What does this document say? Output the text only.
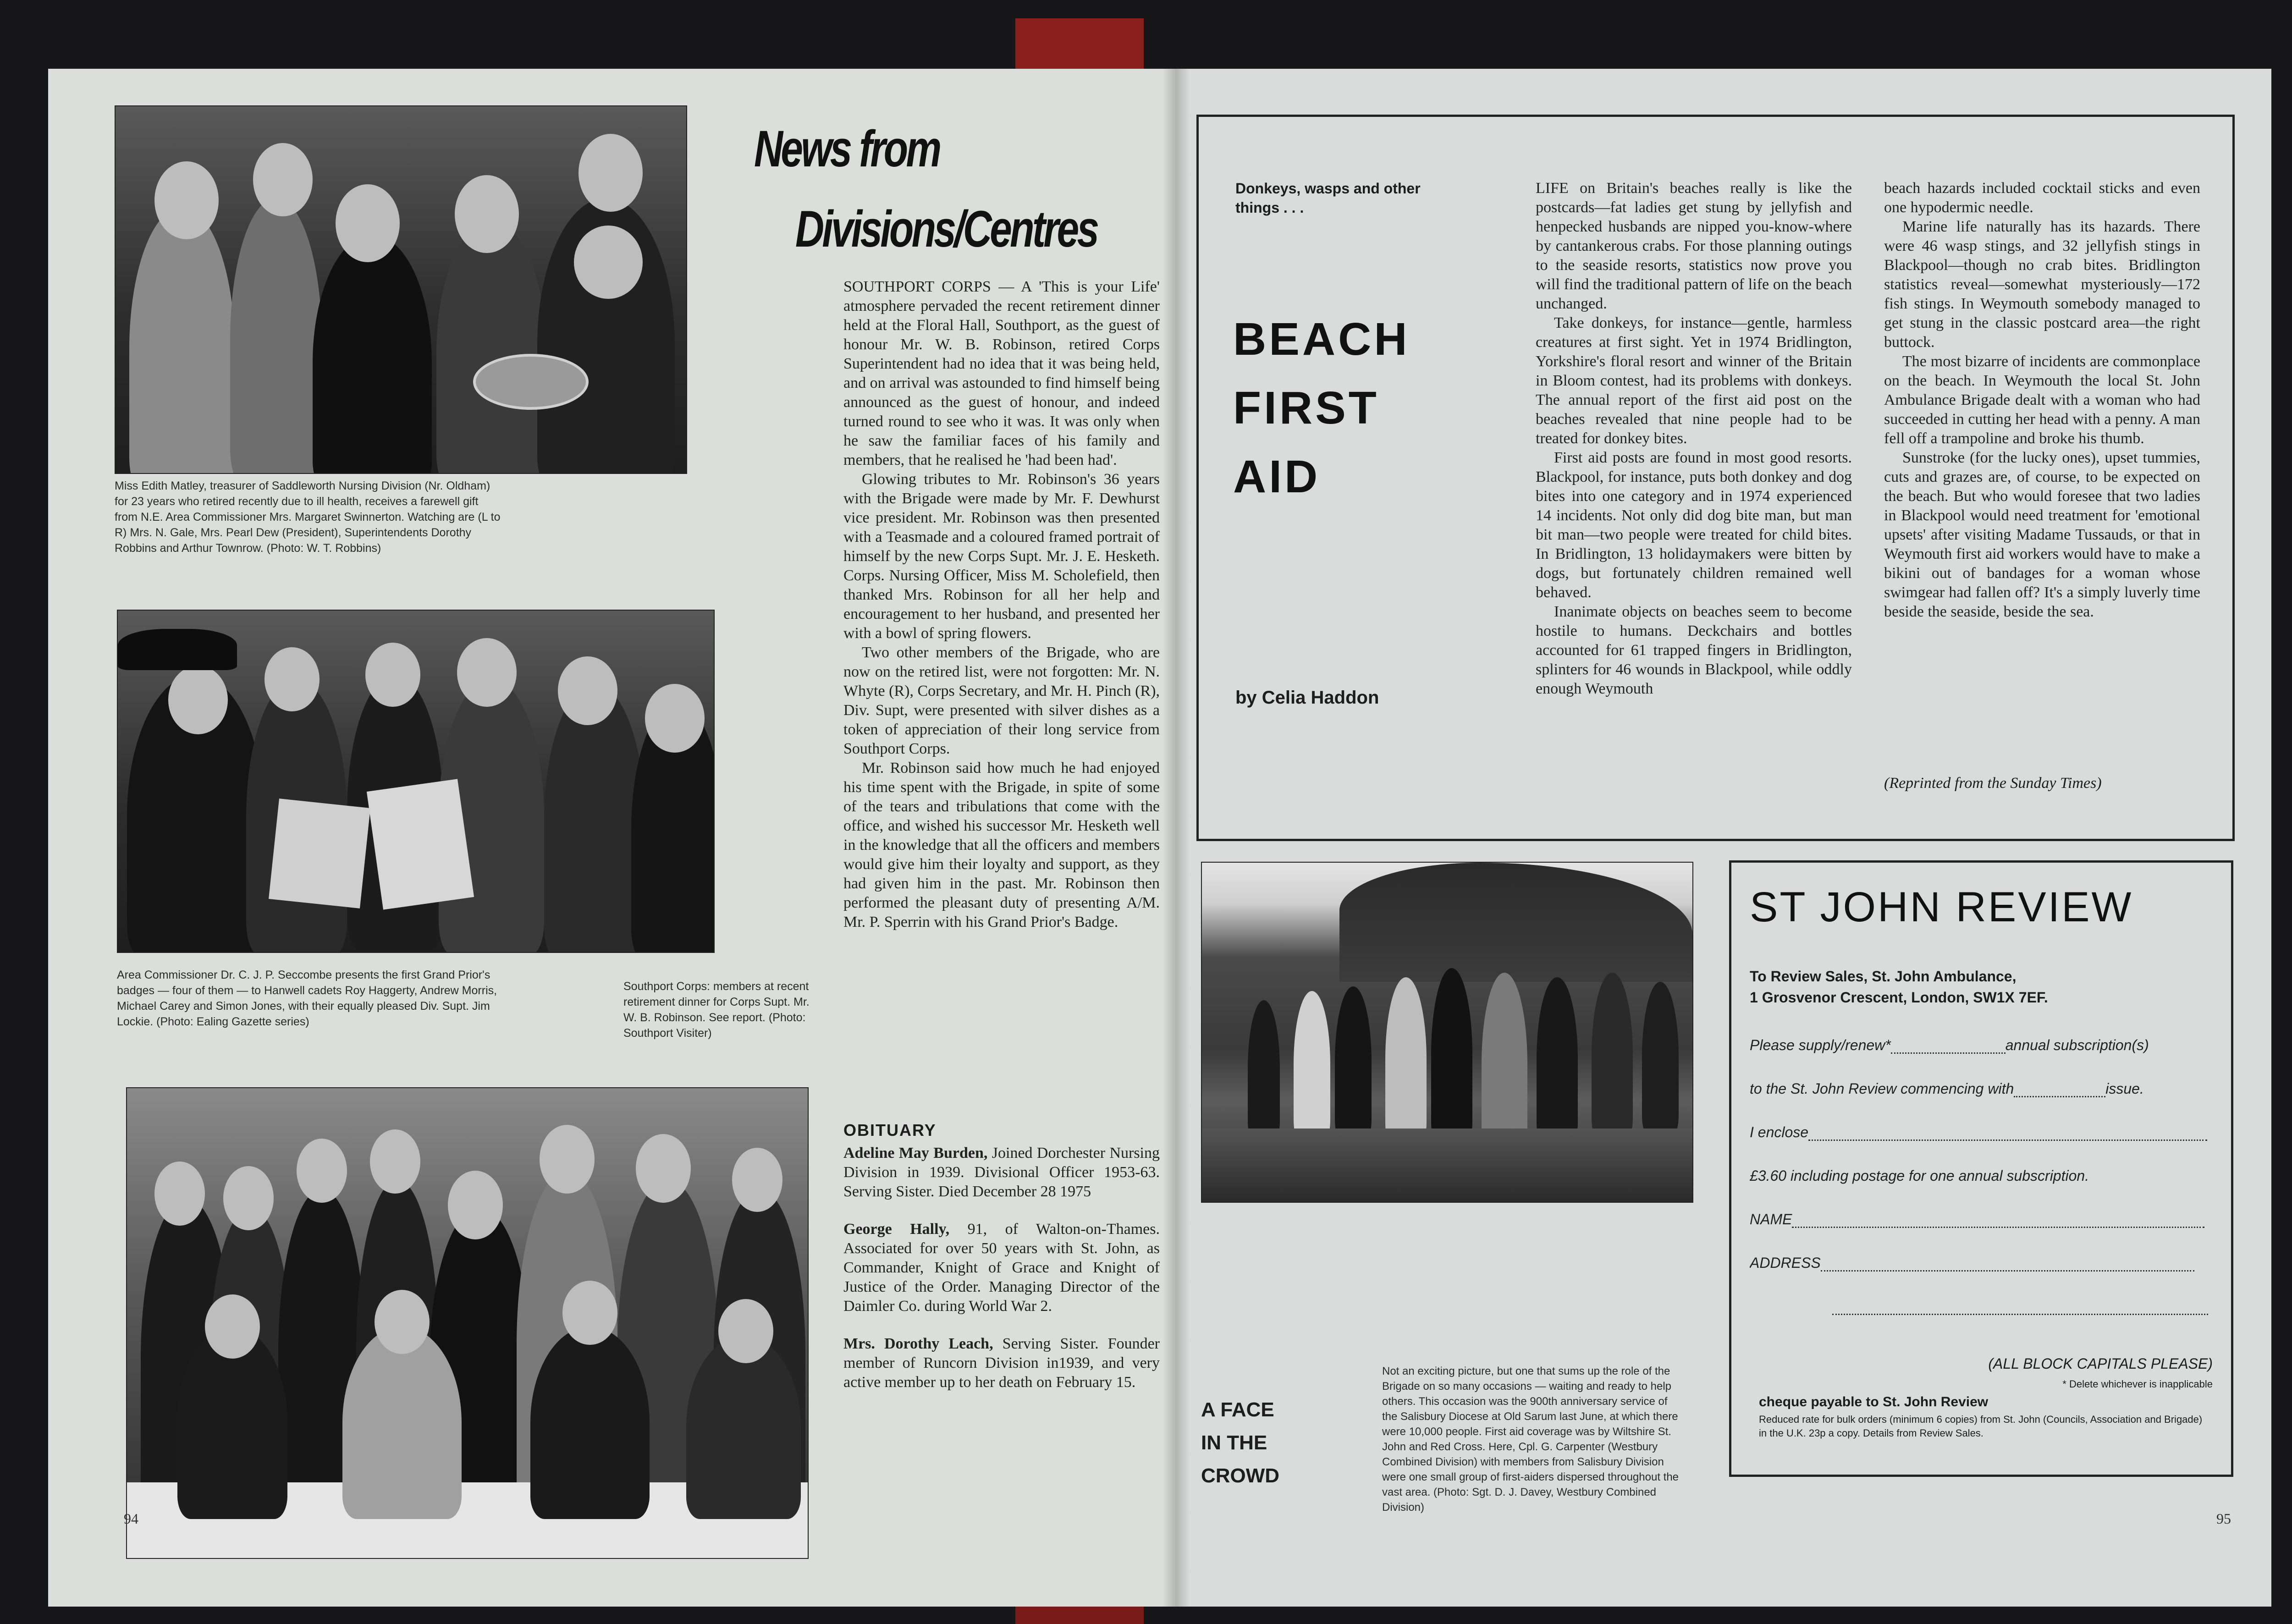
Miss Edith Matley, treasurer of Saddleworth Nursing Division (Nr. Oldham) for 23 years who retired recently due to ill health, receives a farewell gift from N.E. Area Commissioner Mrs. Margaret Swinnerton. Watching are (L to R) Mrs. N. Gale, Mrs. Pearl Dew (President), Superintendents Dorothy Robbins and Arthur Townrow. (Photo: W. T. Robbins)
Area Commissioner Dr. C. J. P. Seccombe presents the first Grand Prior's badges — four of them — to Hanwell cadets Roy Haggerty, Andrew Morris, Michael Carey and Simon Jones, with their equally pleased Div. Supt. Jim Lockie. (Photo: Ealing Gazette series)
Southport Corps: members at recent retirement dinner for Corps Supt. Mr. W. B. Robinson. See report. (Photo: Southport Visiter)
News from
Divisions/Centres

SOUTHPORT CORPS — A 'This is your Life' atmosphere pervaded the recent retirement dinner held at the Floral Hall, Southport, as the guest of honour Mr. W. B. Robinson, retired Corps Superintendent had no idea that it was being held, and on arrival was astounded to find himself being announced as the guest of honour, and indeed turned round to see who it was. It was only when he saw the familiar faces of his family and members, that he realised he 'had been had'.

Glowing tributes to Mr. Robinson's 36 years with the Brigade were made by Mr. F. Dewhurst vice president. Mr. Robinson was then presented with a Teasmade and a coloured framed portrait of himself by the new Corps Supt. Mr. J. E. Hesketh. Corps. Nursing Officer, Miss M. Scholefield, then thanked Mrs. Robinson for all her help and encouragement to her husband, and presented her with a bowl of spring flowers.

Two other members of the Brigade, who are now on the retired list, were not forgotten: Mr. N. Whyte (R), Corps Secretary, and Mr. H. Pinch (R), Div. Supt, were presented with silver dishes as a token of appreciation of their long service from Southport Corps.

Mr. Robinson said how much he had enjoyed his time spent with the Brigade, in spite of some of the tears and tribulations that come with the office, and wished his successor Mr. Hesketh well in the knowledge that all the officers and members would give him their loyalty and support, as they had given him in the past. Mr. Robinson then performed the pleasant duty of presenting A/M. Mr. P. Sperrin with his Grand Prior's Badge.

OBITUARY

Adeline May Burden, Joined Dorchester Nursing Division in 1939. Divisional Officer 1953-63. Serving Sister. Died December 28 1975

George Hally, 91, of Walton-on-Thames. Associated for over 50 years with St. John, as Commander, Knight of Grace and Knight of Justice of the Order. Managing Director of the Daimler Co. during World War 2.

Mrs. Dorothy Leach, Serving Sister. Founder member of Runcorn Division in1939, and very active member up to her death on February 15.

94
Donkeys, wasps and other things . . .
BEACH
FIRST
AID
by Celia Haddon

LIFE on Britain's beaches really is like the postcards—fat ladies get stung by jellyfish and henpecked husbands are nipped you-know-where by cantankerous crabs. For those planning outings to the seaside resorts, statistics now prove you will find the traditional pattern of life on the beach unchanged.

Take donkeys, for instance—gentle, harmless creatures at first sight. Yet in 1974 Bridlington, Yorkshire's floral resort and winner of the Britain in Bloom contest, had its problems with donkeys. The annual report of the first aid post on the beaches revealed that nine people had to be treated for donkey bites.

First aid posts are found in most good resorts. Blackpool, for instance, puts both donkey and dog bites into one category and in 1974 experienced 14 incidents. Not only did dog bite man, but man bit man—two people were treated for child bites. In Bridlington, 13 holidaymakers were bitten by dogs, but fortunately children remained well behaved.

Inanimate objects on beaches seem to become hostile to humans. Deckchairs and bottles accounted for 61 trapped fingers in Bridlington, splinters for 46 wounds in Blackpool, while oddly enough Weymouth

beach hazards included cocktail sticks and even one hypodermic needle.

Marine life naturally has its hazards. There were 46 wasp stings, and 32 jellyfish stings in Blackpool—though no crab bites. Bridlington statistics reveal—somewhat mysteriously—172 fish stings. In Weymouth somebody managed to get stung in the classic postcard area—the right buttock.

The most bizarre of incidents are commonplace on the beach. In Weymouth the local St. John Ambulance Brigade dealt with a woman who had succeeded in cutting her head with a penny. A man fell off a trampoline and broke his thumb.

Sunstroke (for the lucky ones), upset tummies, cuts and grazes are, of course, to be expected on the beach. But who would foresee that two ladies in Blackpool would need treatment for 'emotional upsets' after visiting Madame Tussauds, or that in Weymouth first aid workers would have to make a bikini out of bandages for a woman whose swimgear had fallen off? It's a simply luverly time beside the seaside, beside the sea.

(Reprinted from the Sunday Times)
A FACE
IN THE
CROWD
Not an exciting picture, but one that sums up the role of the Brigade on so many occasions — waiting and ready to help others. This occasion was the 900th anniversary service of the Salisbury Diocese at Old Sarum last June, at which there were 10,000 people. First aid coverage was by Wiltshire St. John and Red Cross. Here, Cpl. G. Carpenter (Westbury Combined Division) with members from Salisbury Division were one small group of first-aiders dispersed throughout the vast area. (Photo: Sgt. D. J. Davey, Westbury Combined Division)
ST JOHN REVIEW
To Review Sales, St. John Ambulance,
1 Grosvenor Crescent, London, SW1X 7EF.
Please supply/renew*	annual subscription(s)
to the St. John Review commencing with	issue.
I enclose
£3.60 including postage for one annual subscription.
NAME
ADDRESS
(ALL BLOCK CAPITALS PLEASE)
* Delete whichever is inapplicable
cheque payable to St. John Review
Reduced rate for bulk orders (minimum 6 copies) from St. John (Councils, Association and Brigade) in the U.K. 23p a copy. Details from Review Sales.
95
